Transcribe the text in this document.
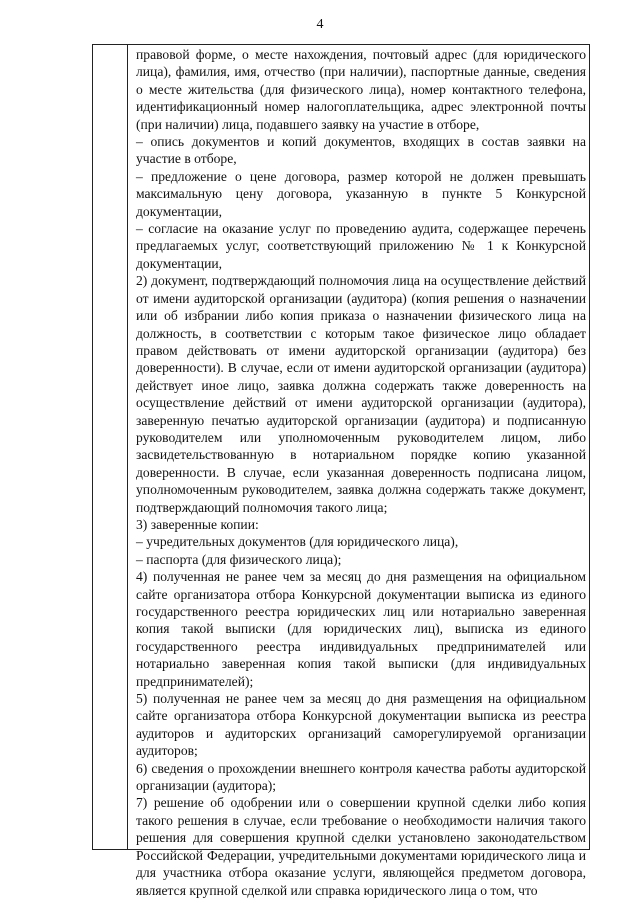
4

правовой форме, о месте нахождения, почтовый адрес (для юридического лица), фамилия, имя, отчество (при наличии), паспортные данные, сведения о месте жительства (для физического лица), номер контактного телефона, идентификационный номер налогоплательщика, адрес электронной почты (при наличии) лица, подавшего заявку на участие в отборе,

– опись документов и копий документов, входящих в состав заявки на участие в отборе,

– предложение о цене договора, размер которой не должен превышать максимальную цену договора, указанную в пункте 5 Конкурсной документации,

– согласие на оказание услуг по проведению аудита, содержащее перечень предлагаемых услуг, соответствующий приложению № 1 к Конкурсной документации,

2) документ, подтверждающий полномочия лица на осуществление действий от имени аудиторской организации (аудитора) (копия решения о назначении или об избрании либо копия приказа о назначении физического лица на должность, в соответствии с которым такое физическое лицо обладает правом действовать от имени аудиторской организации (аудитора) без доверенности). В случае, если от имени аудиторской организации (аудитора) действует иное лицо, заявка должна содержать также доверенность на осуществление действий от имени аудиторской организации (аудитора), заверенную печатью аудиторской организации (аудитора) и подписанную руководителем или уполномоченным руководителем лицом, либо засвидетельствованную в нотариальном порядке копию указанной доверенности. В случае, если указанная доверенность подписана лицом, уполномоченным руководителем, заявка должна содержать также документ, подтверждающий полномочия такого лица;

3) заверенные копии:

– учредительных документов (для юридического лица),

– паспорта (для физического лица);

4) полученная не ранее чем за месяц до дня размещения на официальном сайте организатора отбора Конкурсной документации выписка из единого государственного реестра юридических лиц или нотариально заверенная копия такой выписки (для юридических лиц), выписка из единого государственного реестра индивидуальных предпринимателей или нотариально заверенная копия такой выписки (для индивидуальных предпринимателей);

5) полученная не ранее чем за месяц до дня размещения на официальном сайте организатора отбора Конкурсной документации выписка из реестра аудиторов и аудиторских организаций саморегулируемой организации аудиторов;

6) сведения о прохождении внешнего контроля качества работы аудиторской организации (аудитора);

7) решение об одобрении или о совершении крупной сделки либо копия такого решения в случае, если требование о необходимости наличия такого решения для совершения крупной сделки установлено законодательством Российской Федерации, учредительными документами юридического лица и для участника отбора оказание услуги, являющейся предметом договора, является крупной сделкой или справка юридического лица о том, что
